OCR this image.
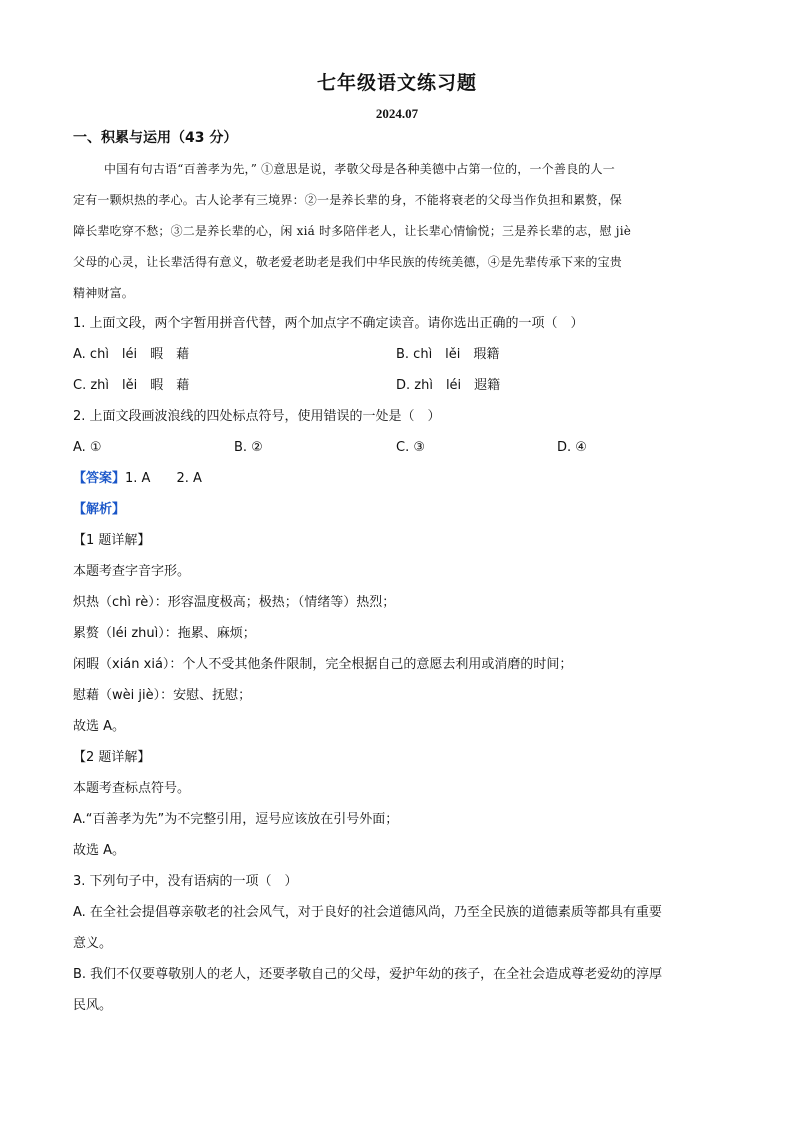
七年级语文练习题
2024.07
一、积累与运用（43 分）
中国有句古语“百善孝为先，” ①意思是说，孝敬父母是各种美德中占第一位的，一个善良的人一
定有一颗炽热的孝心。古人论孝有三境界：②一是养长辈的身，不能将衰老的父母当作负担和累赘，保
障长辈吃穿不愁；③二是养长辈的心，闲 xiá 时多陪伴老人，让长辈心情愉悦；三是养长辈的志，慰 jiè
父母的心灵，让长辈活得有意义，敬老爱老助老是我们中华民族的传统美德，④是先辈传承下来的宝贵
精神财富。
1. 上面文段，两个字暂用拼音代替，两个加点字不确定读音。请你选出正确的一项（　）
A. chì　léi　暇　藉	B. chì　lěi　瑕籍
C. zhì　lěi　暇　藉	D. zhì　léi　遐籍
2. 上面文段画波浪线的四处标点符号，使用错误的一处是（　）
A. ①	B. ②	C. ③	D. ④
【答案】1. A　　2. A
【解析】
【1 题详解】
本题考查字音字形。
炽热（chì rè）：形容温度极高；极热；（情绪等）热烈；
累赘（léi zhuì）：拖累、麻烦；
闲暇（xián xiá）：个人不受其他条件限制，完全根据自己的意愿去利用或消磨的时间；
慰藉（wèi jiè）：安慰、抚慰；
故选 A。
【2 题详解】
本题考查标点符号。
A.“百善孝为先”为不完整引用，逗号应该放在引号外面；
故选 A。
3. 下列句子中，没有语病的一项（　）
A. 在全社会提倡尊亲敬老的社会风气，对于良好的社会道德风尚，乃至全民族的道德素质等都具有重要
意义。
B. 我们不仅要尊敬别人的老人，还要孝敬自己的父母，爱护年幼的孩子，在全社会造成尊老爱幼的淳厚
民风。
